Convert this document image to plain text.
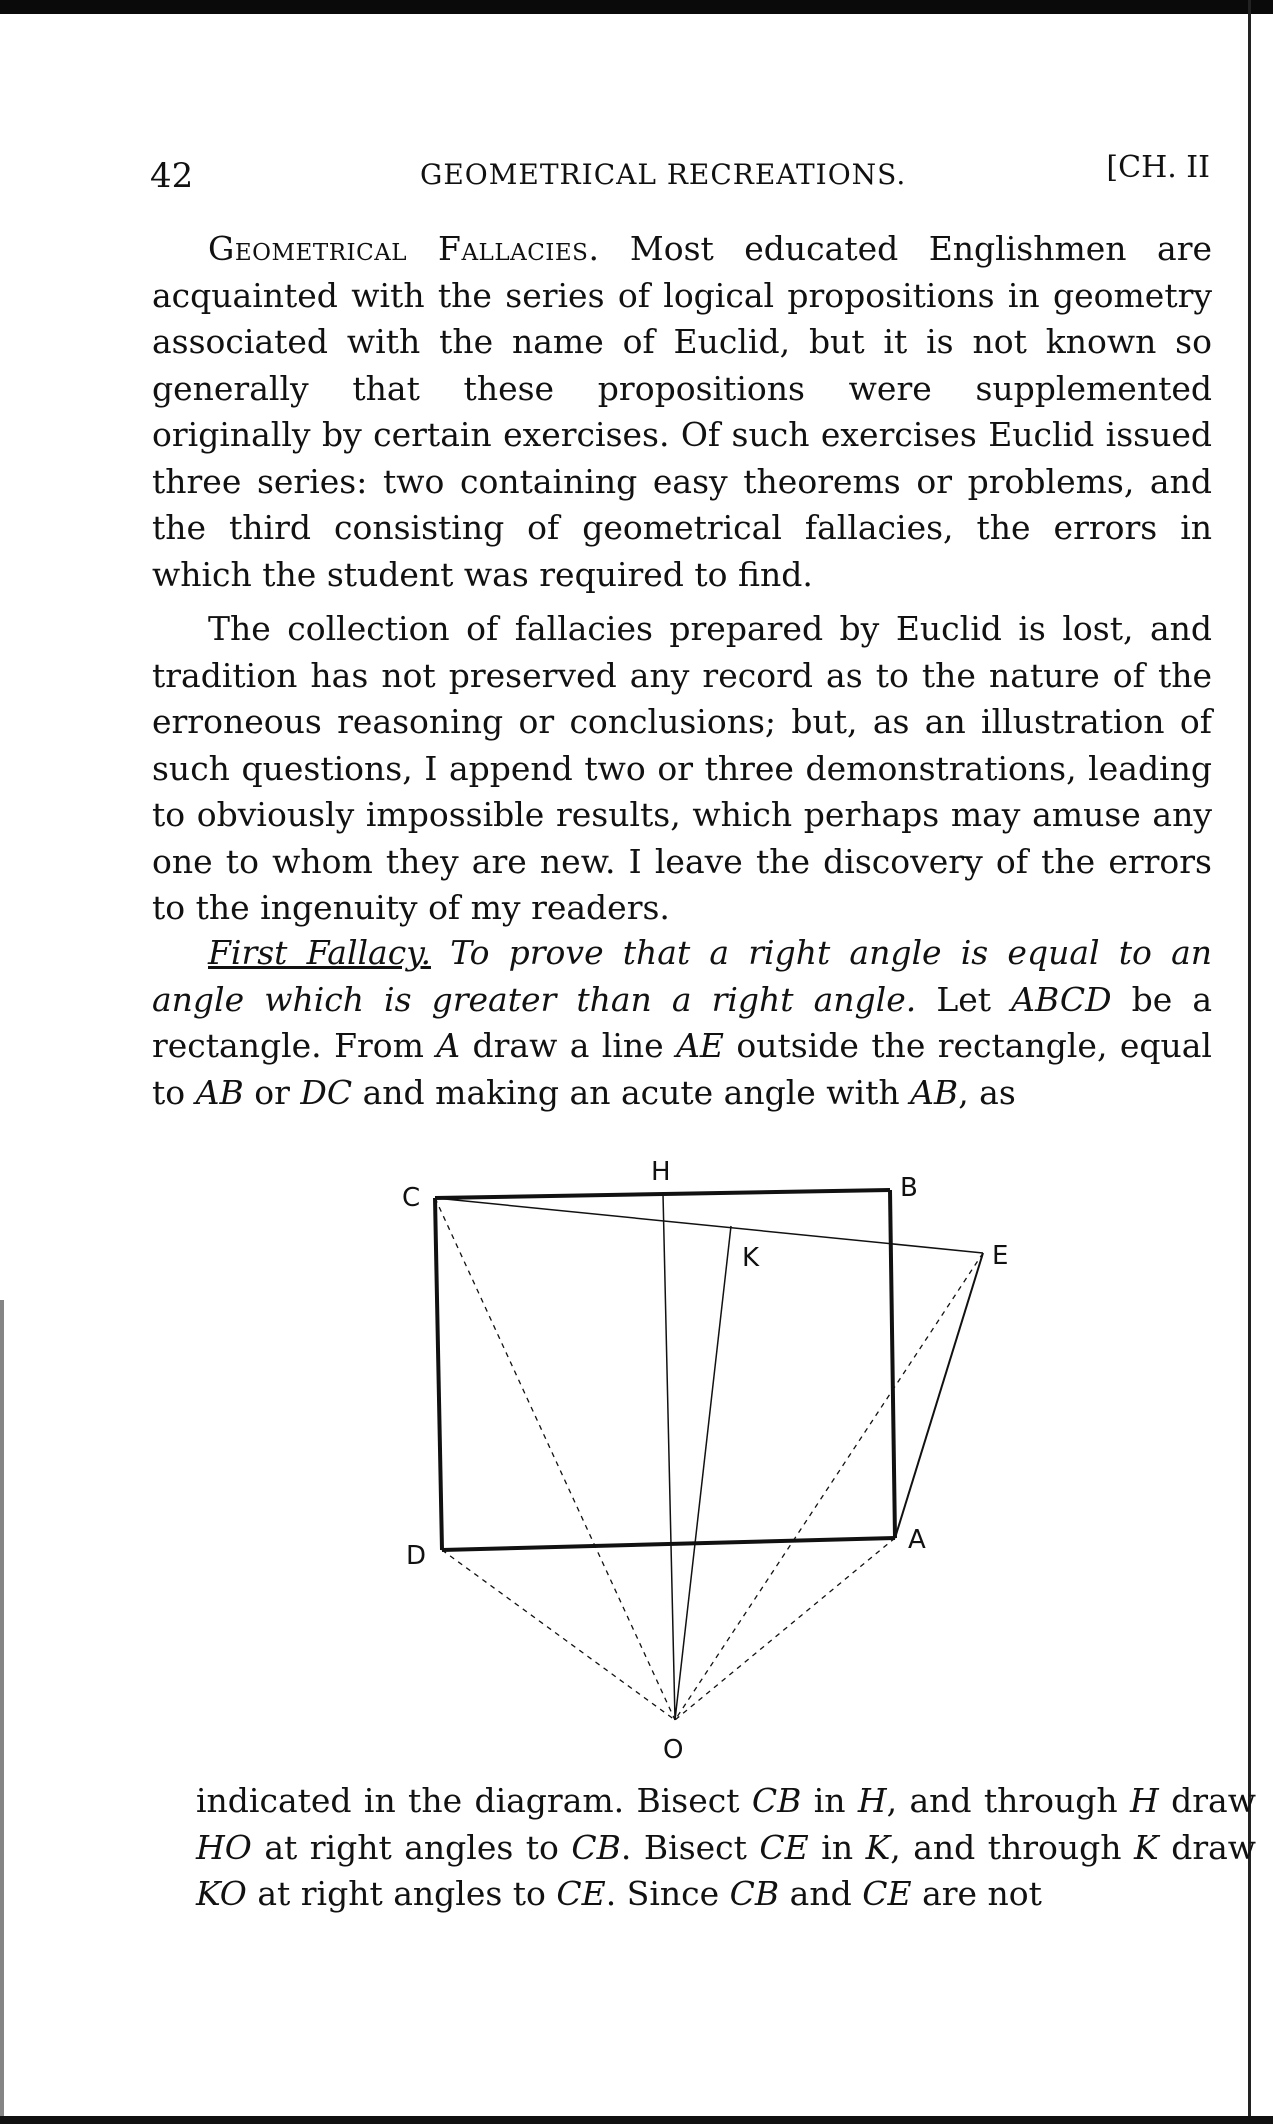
42	GEOMETRICAL RECREATIONS.	[CH. II

Geometrical Fallacies. Most educated Englishmen are acquainted with the series of logical propositions in geometry associated with the name of Euclid, but it is not known so generally that these propositions were supplemented originally by certain exercises. Of such exercises Euclid issued three series: two containing easy theorems or problems, and the third consisting of geometrical fallacies, the errors in which the student was required to find.

The collection of fallacies prepared by Euclid is lost, and tradition has not preserved any record as to the nature of the erroneous reasoning or conclusions; but, as an illustration of such questions, I append two or three demonstrations, leading to obviously impossible results, which perhaps may amuse any one to whom they are new. I leave the discovery of the errors to the ingenuity of my readers.

First Fallacy. To prove that a right angle is equal to an angle which is greater than a right angle. Let ABCD be a rectangle. From A draw a line AE outside the rectangle, equal to AB or DC and making an acute angle with AB, as

C
H
B
K	E
D
A
O

indicated in the diagram. Bisect CB in H, and through H draw HO at right angles to CB. Bisect CE in K, and through K draw KO at right angles to CE. Since CB and CE are not
